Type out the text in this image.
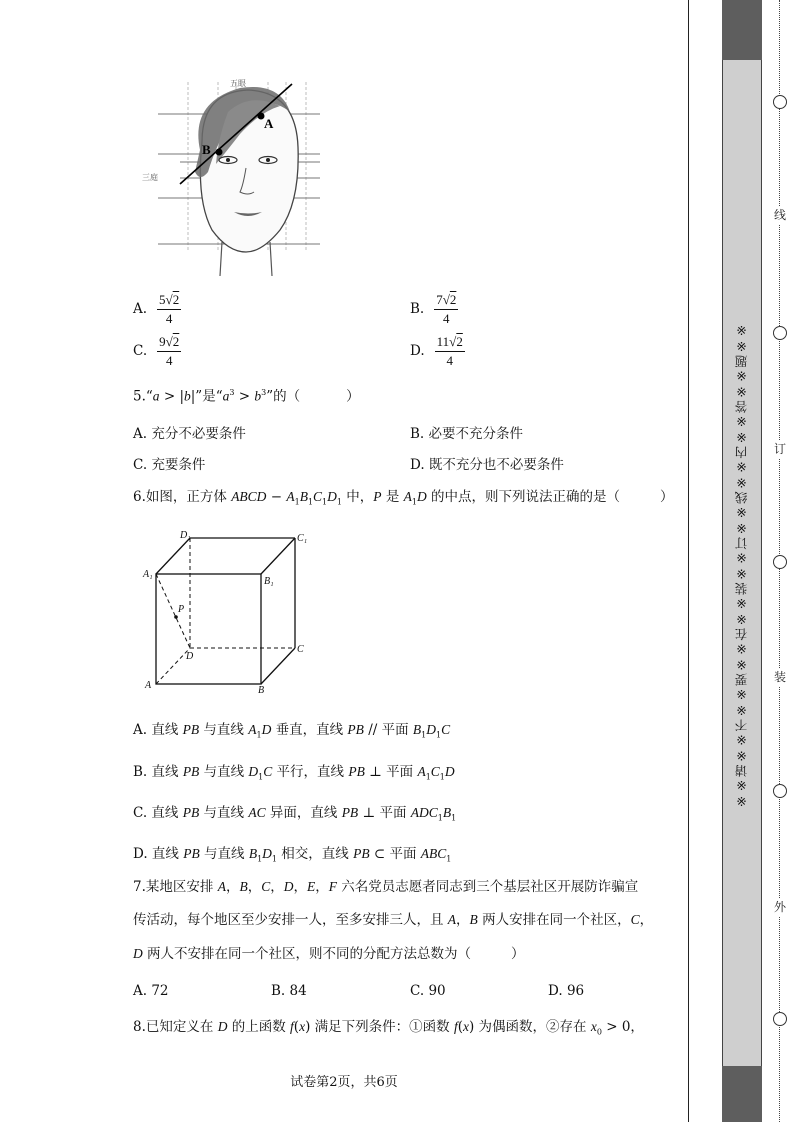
五眼
三庭
A
B
A. $\frac{5√2}{4}$	B. $\frac{7√2}{4}$
C. $\frac{9√2}{4}$	D. $\frac{11√2}{4}$
5.“a > |b|”是“$a^3 > b^3$”的（	）
A. 充分不必要条件	B. 必要不充分条件
C. 充要条件	D. 既不充分也不必要条件
6.如图，正方体 ABCD − $A_1B_1C_1D_1$ 中，P 是 $A_1D$ 的中点，则下列说法正确的是（	）
D₁	C₁
A₁
B₁
P
D
C
A	B
A. 直线 PB 与直线 $A_1D$ 垂直，直线 PB // 平面 $B_1D_1C$
B. 直线 PB 与直线 $D_1C$ 平行，直线 PB ⊥ 平面 $A_1C_1D$
C. 直线 PB 与直线 AC 异面，直线 PB ⊥ 平面 $ADC_1B_1$
D. 直线 PB 与直线 $B_1D_1$ 相交，直线 PB ⊂ 平面 $ABC_1$
7.某地区安排 A，B，C，D，E，F 六名党员志愿者同志到三个基层社区开展防诈骗宣
传活动，每个地区至少安排一人，至多安排三人，且 A，B 两人安排在同一个社区，C，
D 两人不安排在同一个社区，则不同的分配方法总数为（	）
A. 72	B. 84	C. 90	D. 96
8.已知定义在 D 的上函数 f(x) 满足下列条件：①函数 f(x) 为偶函数，②存在 $x_0 > 0$，
试卷第2页，共6页
※※请※※不※※要※※在※※装※※订※※线※※内※※答※※题※※
线
订
装
外
